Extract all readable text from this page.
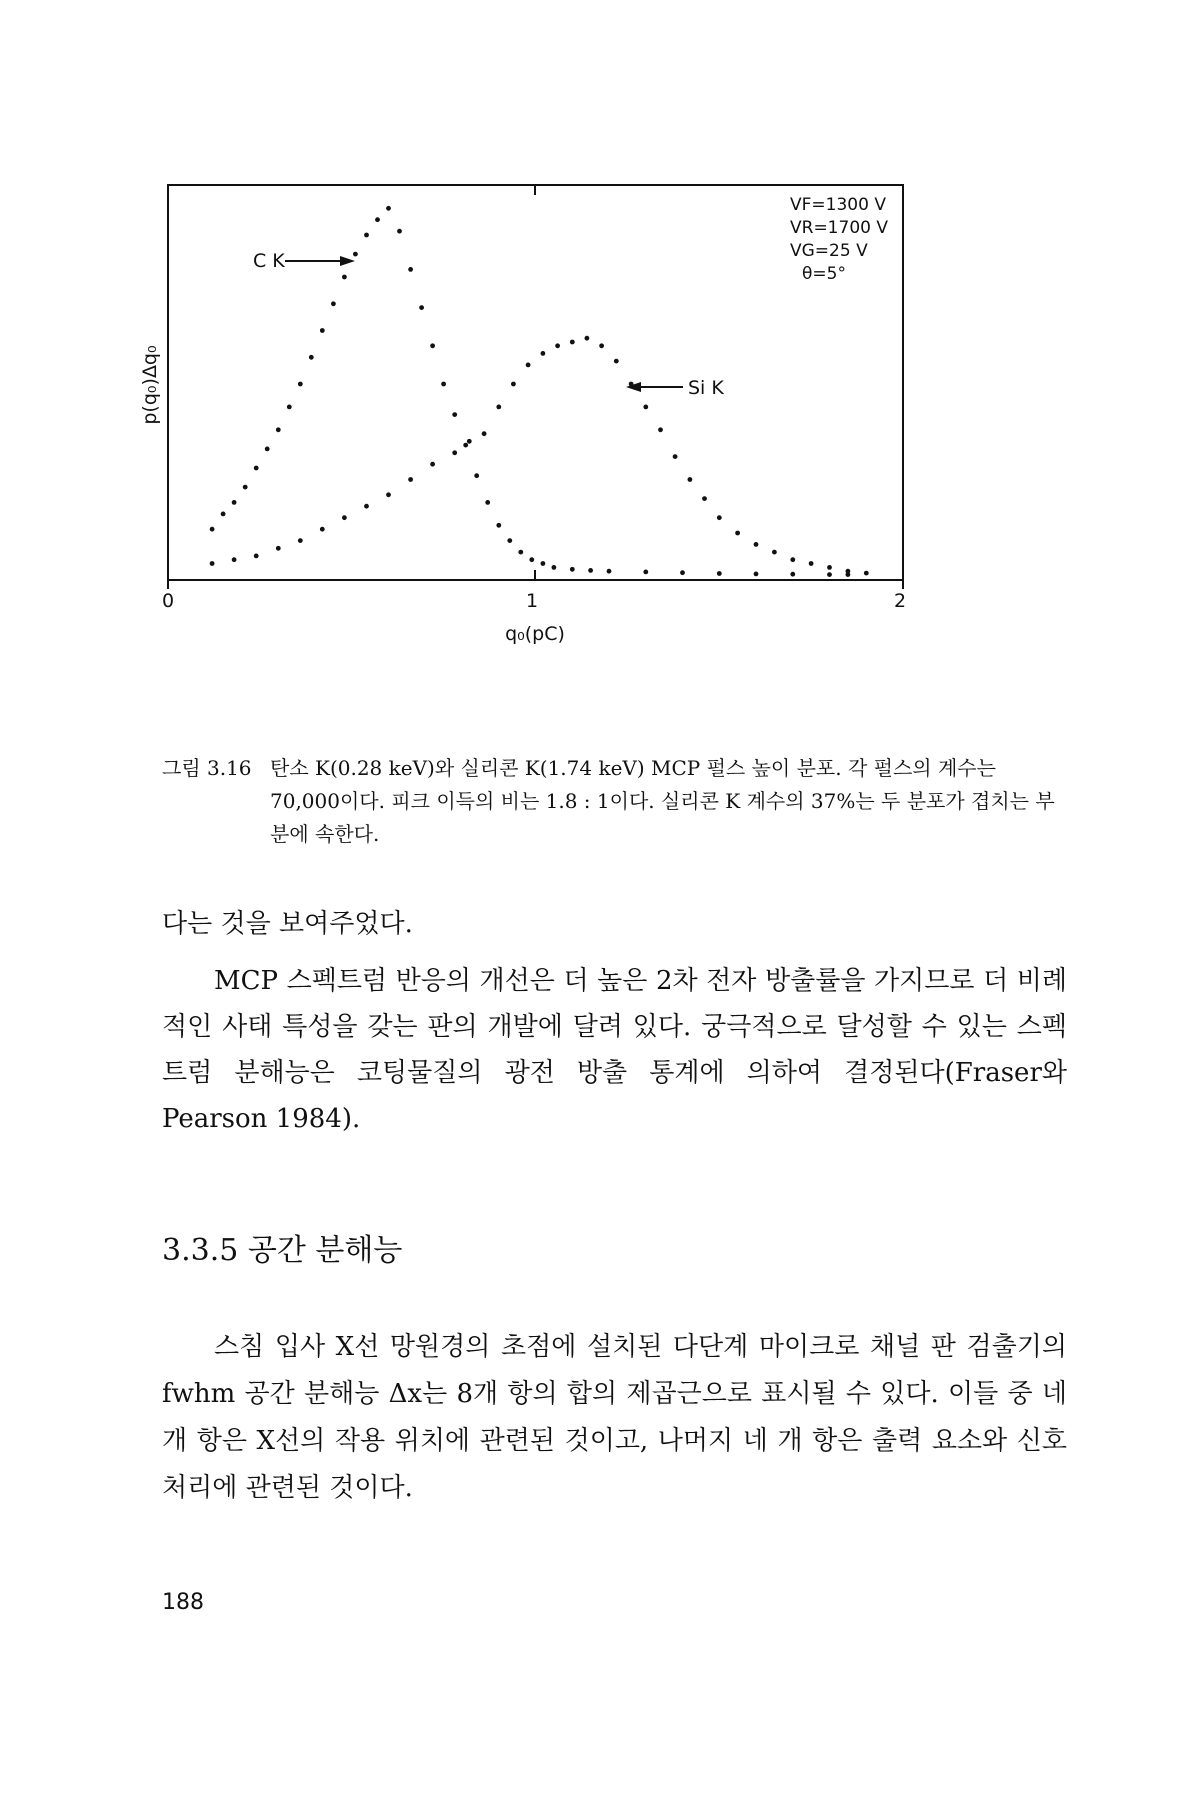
0	1	2
q₀(pC)
p(q₀)Δq₀
VF=1300 V
VR=1700 V
VG=25 V
θ=5°
C K
Si K
그림 3.16 탄소 K(0.28 keV)와 실리콘 K(1.74 keV) MCP 펄스 높이 분포. 각 펄스의 계수는 70,000이다. 피크 이득의 비는 1.8 : 1이다. 실리콘 K 계수의 37%는 두 분포가 겹치는 부분에 속한다.

다는 것을 보여주었다.

MCP 스펙트럼 반응의 개선은 더 높은 2차 전자 방출률을 가지므로 더 비례적인 사태 특성을 갖는 판의 개발에 달려 있다. 궁극적으로 달성할 수 있는 스펙트럼 분해능은 코팅물질의 광전 방출 통계에 의하여 결정된다(Fraser와 Pearson 1984).

3.3.5 공간 분해능

스침 입사 X선 망원경의 초점에 설치된 다단계 마이크로 채널 판 검출기의 fwhm 공간 분해능 Δx는 8개 항의 합의 제곱근으로 표시될 수 있다. 이들 중 네 개 항은 X선의 작용 위치에 관련된 것이고, 나머지 네 개 항은 출력 요소와 신호처리에 관련된 것이다.

188
